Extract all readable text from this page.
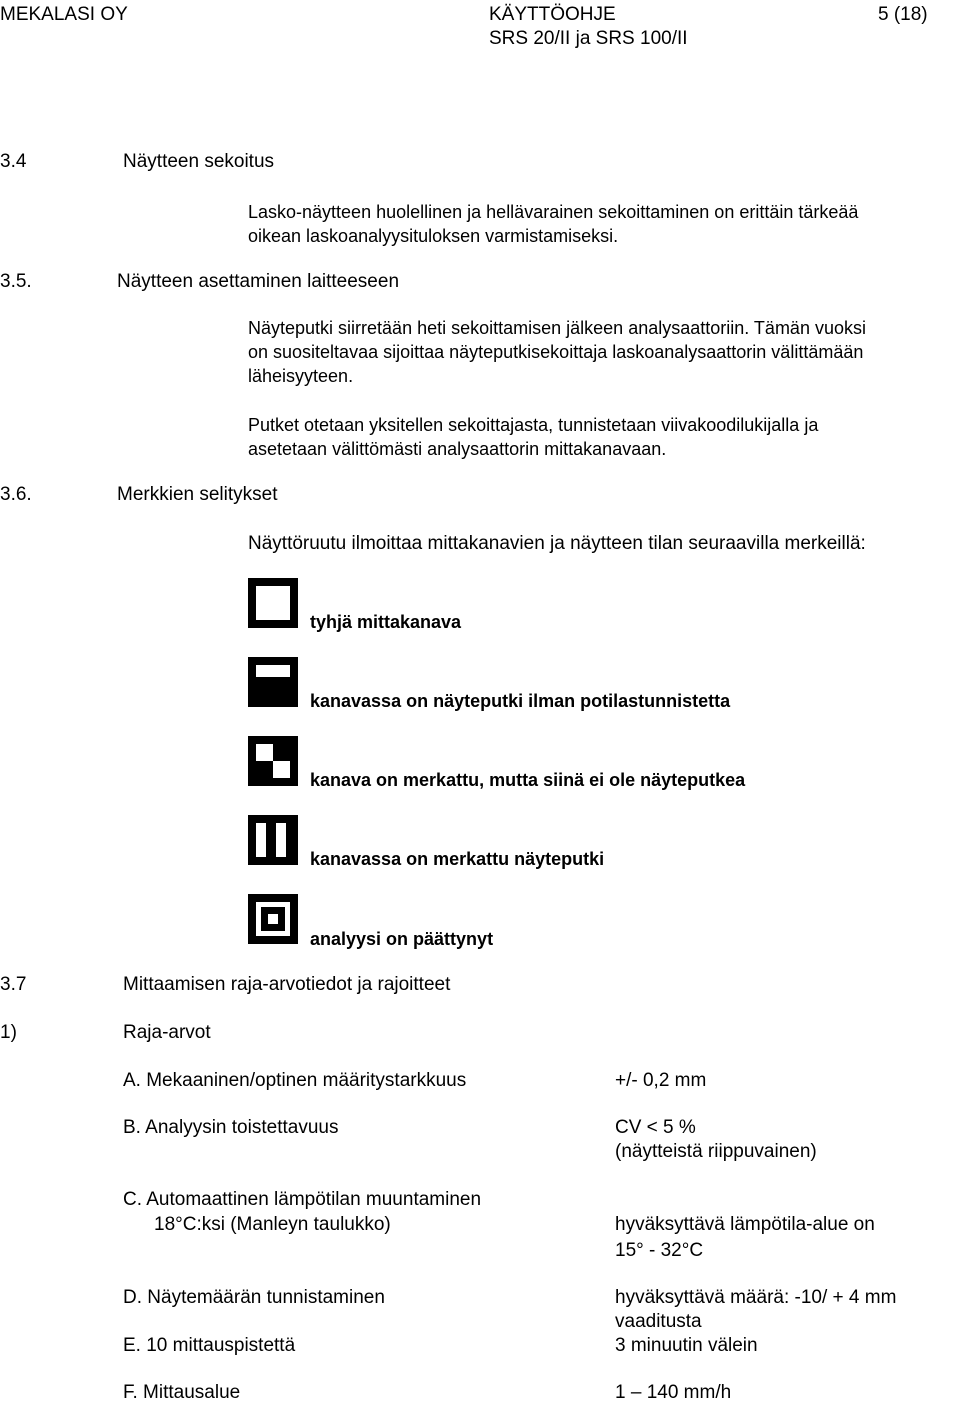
MEKALASI OY	KÄYTTÖOHJE
SRS 20/II ja SRS 100/II
5 (18)
3.4	Näytteen sekoitus
Lasko-näytteen huolellinen ja hellävarainen sekoittaminen on erittäin tärkeää
oikean laskoanalyysituloksen varmistamiseksi.
3.5.	Näytteen asettaminen laitteeseen
Näyteputki siirretään heti sekoittamisen jälkeen analysaattoriin. Tämän vuoksi
on suositeltavaa sijoittaa näyteputkisekoittaja laskoanalysaattorin välittämään
läheisyyteen.
Putket otetaan yksitellen sekoittajasta, tunnistetaan viivakoodilukijalla ja
asetetaan välittömästi analysaattorin mittakanavaan.
3.6.	Merkkien selitykset
Näyttöruutu ilmoittaa mittakanavien ja näytteen tilan seuraavilla merkeillä:
tyhjä mittakanava
kanavassa on näyteputki ilman potilastunnistetta
kanava on merkattu, mutta siinä ei ole näyteputkea
kanavassa on merkattu näyteputki
analyysi on päättynyt
3.7	Mittaamisen raja-arvotiedot ja rajoitteet
1)	Raja-arvot
A. Mekaaninen/optinen määritystarkkuus	+/- 0,2 mm
B. Analyysin toistettavuus	CV < 5 %
(näytteistä riippuvainen)
C. Automaattinen lämpötilan muuntaminen
18°C:ksi (Manleyn taulukko)	hyväksyttävä lämpötila-alue on
15° - 32°C
D. Näytemäärän tunnistaminen	hyväksyttävä määrä: -10/ + 4 mm
vaaditusta
E. 10 mittauspistettä	3 minuutin välein
F. Mittausalue	1 – 140 mm/h
